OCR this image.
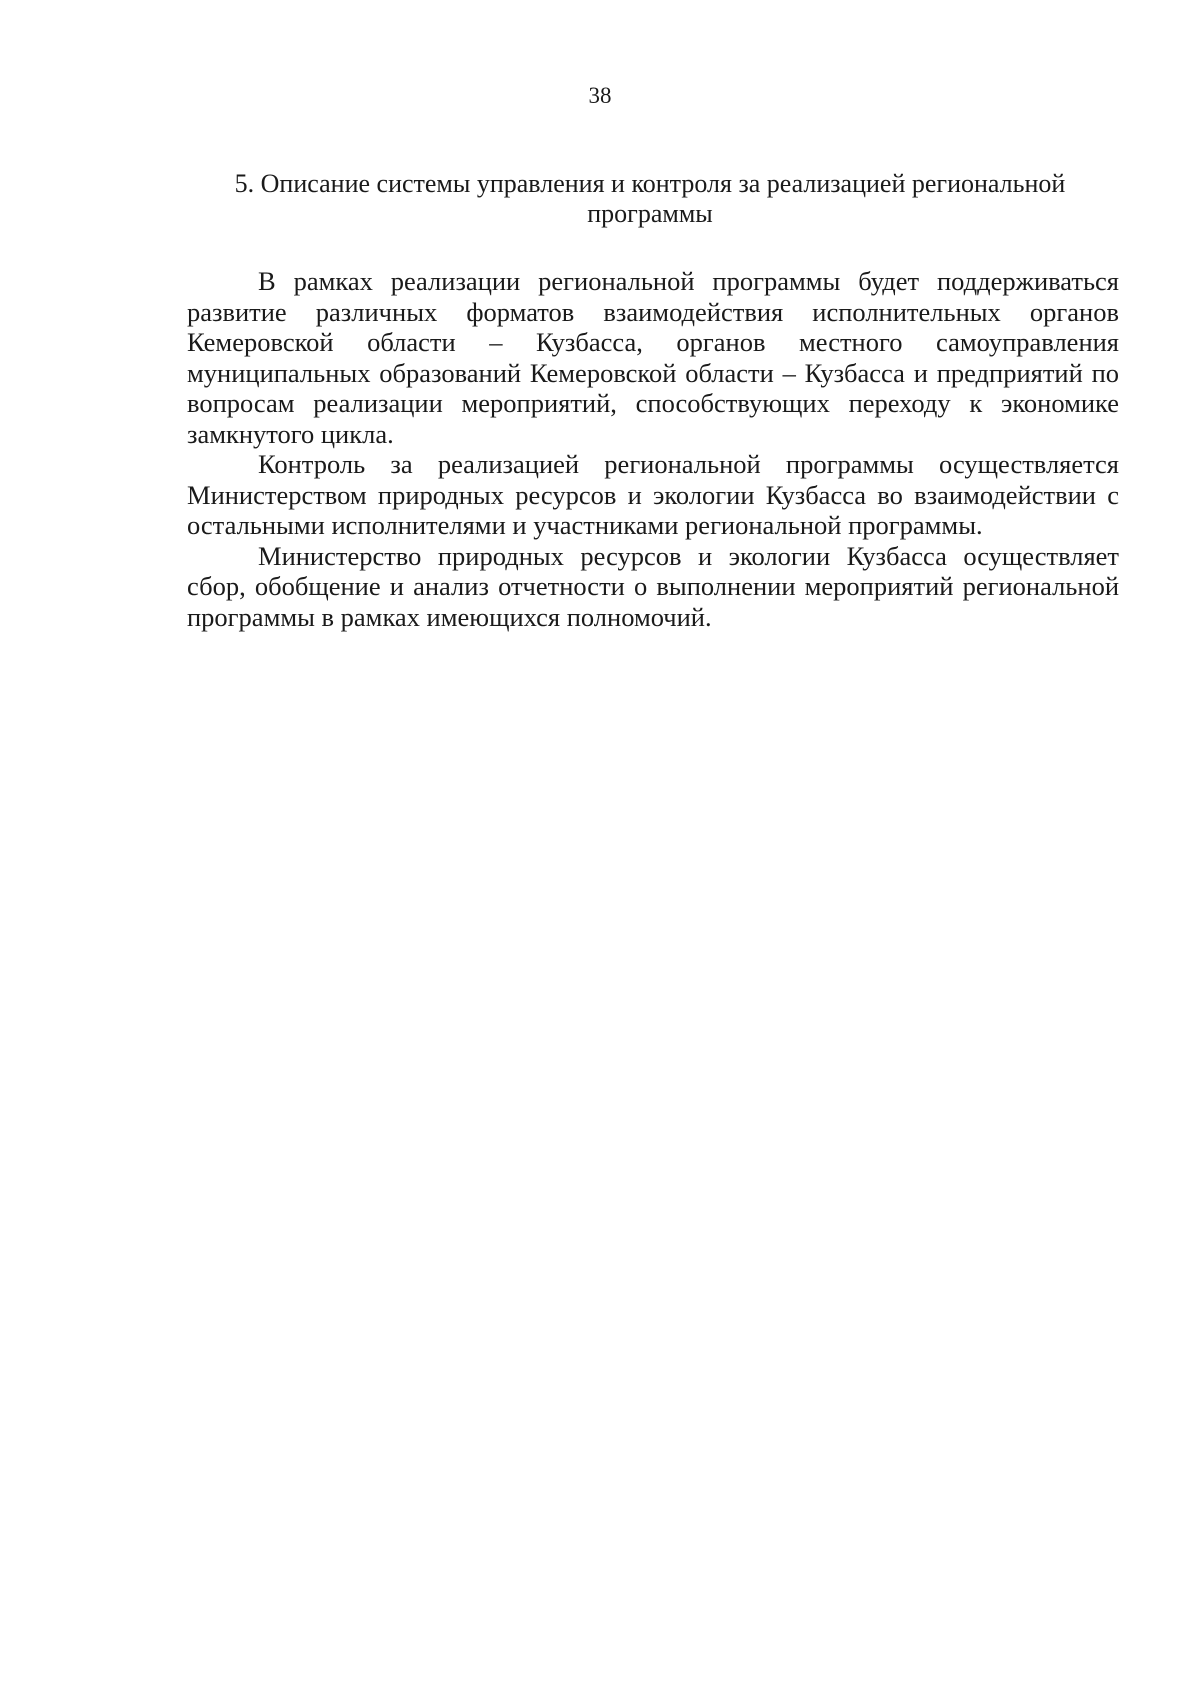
38
5. Описание системы управления и контроля за реализацией региональной программы

В рамках реализации региональной программы будет поддерживаться развитие различных форматов взаимодействия исполнительных органов Кемеровской области – Кузбасса, органов местного самоуправления муниципальных образований Кемеровской области – Кузбасса и предприятий по вопросам реализации мероприятий, способствующих переходу к экономике замкнутого цикла.

Контроль за реализацией региональной программы осуществляется Министерством природных ресурсов и экологии Кузбасса во взаимодействии с остальными исполнителями и участниками региональной программы.

Министерство природных ресурсов и экологии Кузбасса осуществляет сбор, обобщение и анализ отчетности о выполнении мероприятий региональной программы в рамках имеющихся полномочий.
